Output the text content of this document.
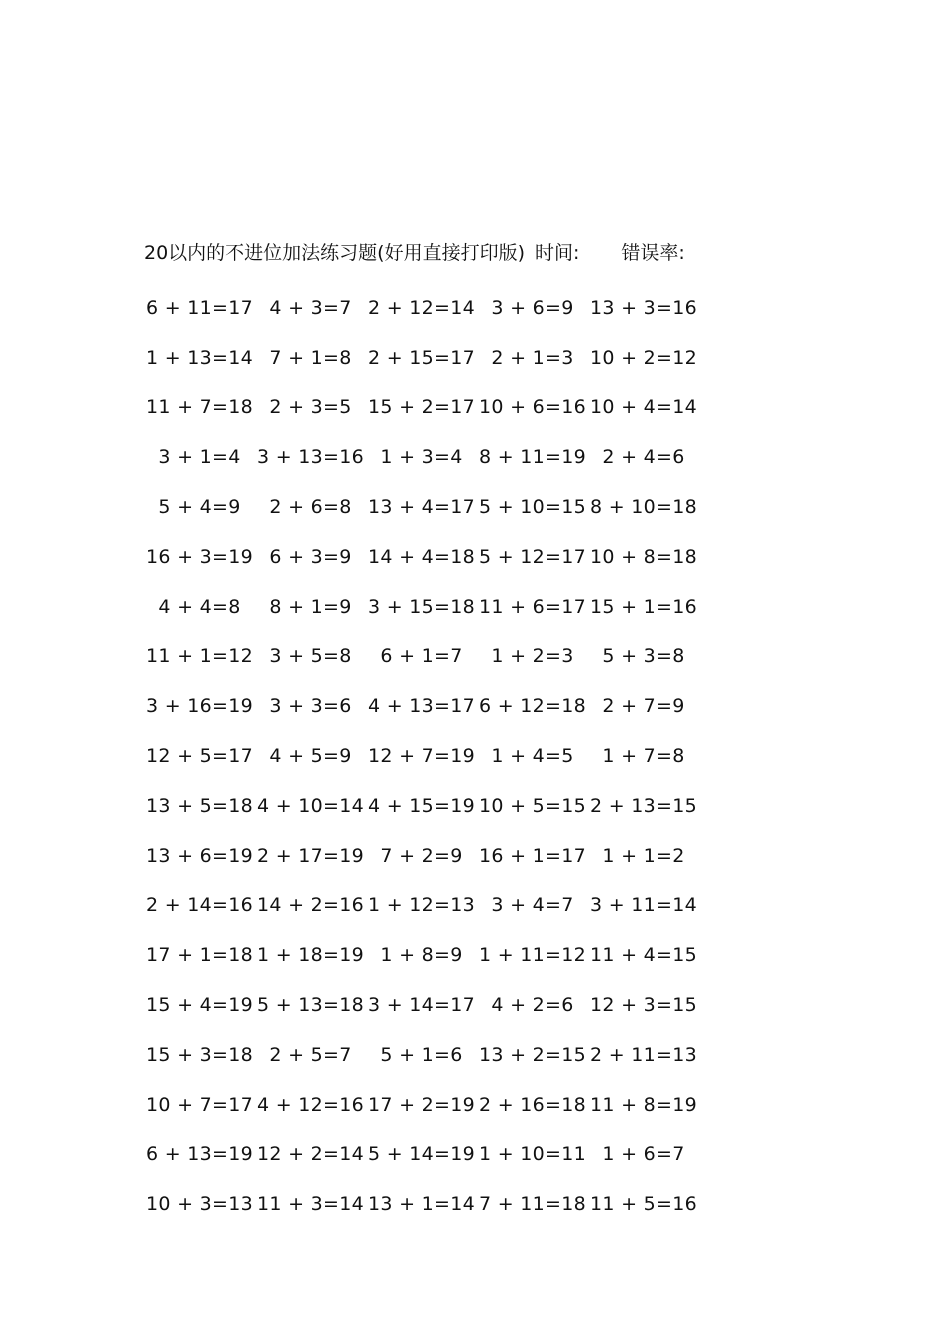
20以内的不进位加法练习题(好用直接打印版) 时间: 错误率:
6 + 11=17 4 + 3=7 2 + 12=14 3 + 6=9 13 + 3=16
1 + 13=14 7 + 1=8 2 + 15=17 2 + 1=3 10 + 2=12
11 + 7=18 2 + 3=5 15 + 2=17 10 + 6=16 10 + 4=14
3 + 1=4 3 + 13=16 1 + 3=4 8 + 11=19 2 + 4=6
5 + 4=9	2 + 6=8 13 + 4=17 5 + 10=15 8 + 10=18
16 + 3=19 6 + 3=9 14 + 4=18 5 + 12=17 10 + 8=18
4 + 4=8	8 + 1=9 3 + 15=18 11 + 6=17 15 + 1=16
11 + 1=12 3 + 5=8	6 + 1=7	1 + 2=3	5 + 3=8
3 + 16=19 3 + 3=6 4 + 13=17 6 + 12=18 2 + 7=9
12 + 5=17 4 + 5=9 12 + 7=19 1 + 4=5	1 + 7=8
13 + 5=18 4 + 10=14 4 + 15=19 10 + 5=15 2 + 13=15
13 + 6=19 2 + 17=19 7 + 2=9 16 + 1=17 1 + 1=2
2 + 14=16 14 + 2=16 1 + 12=13 3 + 4=7 3 + 11=14
17 + 1=18 1 + 18=19 1 + 8=9 1 + 11=12 11 + 4=15
15 + 4=19 5 + 13=18 3 + 14=17 4 + 2=6 12 + 3=15
15 + 3=18 2 + 5=7	5 + 1=6 13 + 2=15 2 + 11=13
10 + 7=17 4 + 12=16 17 + 2=19 2 + 16=18 11 + 8=19
6 + 13=19 12 + 2=14 5 + 14=19 1 + 10=11 1 + 6=7
10 + 3=13 11 + 3=14 13 + 1=14 7 + 11=18 11 + 5=16
